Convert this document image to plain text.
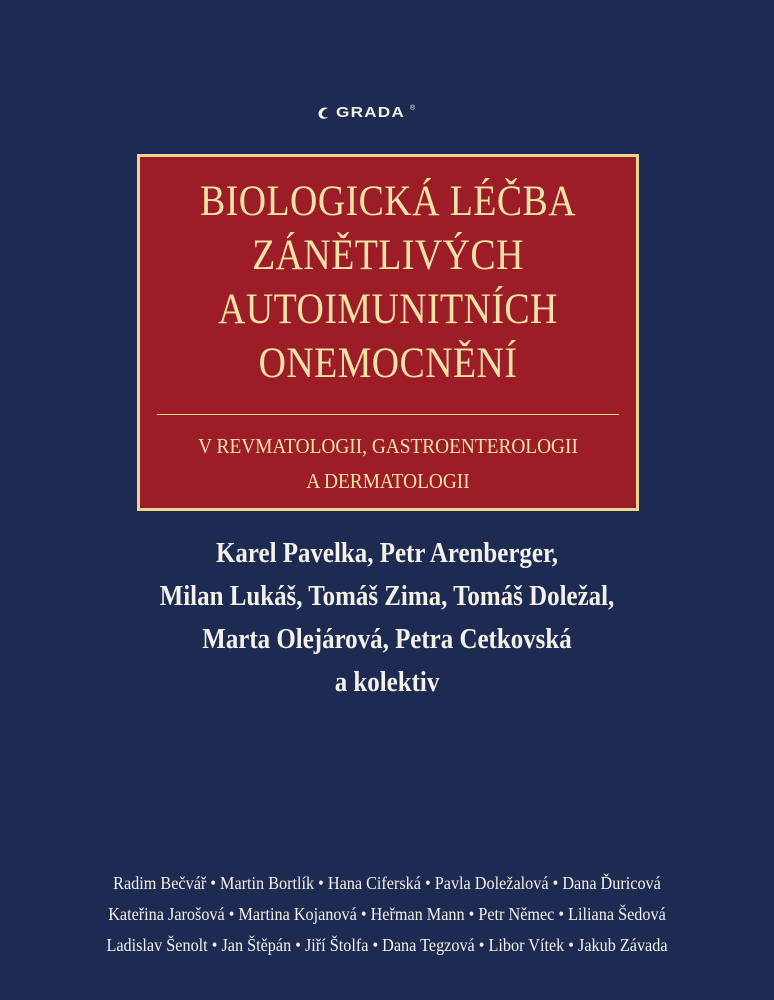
GRADA ®
BIOLOGICKÁ LÉČBA
ZÁNĚTLIVÝCH
AUTOIMUNITNÍCH
ONEMOCNĚNÍ
V REVMATOLOGII, GASTROENTEROLOGII
A DERMATOLOGII
Karel Pavelka, Petr Arenberger,
Milan Lukáš, Tomáš Zima, Tomáš Doležal,
Marta Olejárová, Petra Cetkovská
a kolektiv
Radim Bečvář • Martin Bortlík • Hana Ciferská • Pavla Doležalová • Dana Ďuricová
Kateřina Jarošová • Martina Kojanová • Heřman Mann • Petr Němec • Liliana Šedová
Ladislav Šenolt • Jan Štěpán • Jiří Štolfa • Dana Tegzová • Libor Vítek • Jakub Závada
